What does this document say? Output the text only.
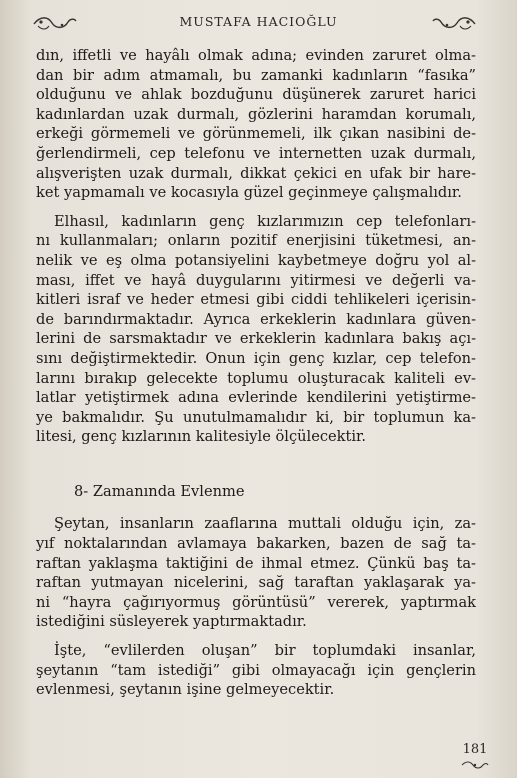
MUSTAFA HACIOĞLU
dın, iffetli ve hayâlı olmak adına; evinden zaruret olma-
dan bir adım atmamalı, bu zamanki kadınların “fasıka”
olduğunu ve ahlak bozduğunu düşünerek zaruret harici
kadınlardan uzak durmalı, gözlerini haramdan korumalı,
erkeği görmemeli ve görünmemeli, ilk çıkan nasibini de-
ğerlendirmeli, cep telefonu ve internetten uzak durmalı,
alışverişten uzak durmalı, dikkat çekici en ufak bir hare-
ket yapmamalı ve kocasıyla güzel geçinmeye çalışmalıdır.
Elhasıl, kadınların genç kızlarımızın cep telefonları-
nı kullanmaları; onların pozitif enerjisini tüketmesi, an-
nelik ve eş olma potansiyelini kaybetmeye doğru yol al-
ması, iffet ve hayâ duygularını yitirmesi ve değerli va-
kitleri israf ve heder etmesi gibi ciddi tehlikeleri içerisin-
de barındırmaktadır. Ayrıca erkeklerin kadınlara güven-
lerini de sarsmaktadır ve erkeklerin kadınlara bakış açı-
sını değiştirmektedir. Onun için genç kızlar, cep telefon-
larını bırakıp gelecekte toplumu oluşturacak kaliteli ev-
latlar yetiştirmek adına evlerinde kendilerini yetiştirme-
ye bakmalıdır. Şu unutulmamalıdır ki, bir toplumun ka-
litesi, genç kızlarının kalitesiyle ölçülecektir.
8- Zamanında Evlenme
Şeytan, insanların zaaflarına muttali olduğu için, za-
yıf noktalarından avlamaya bakarken, bazen de sağ ta-
raftan yaklaşma taktiğini de ihmal etmez. Çünkü baş ta-
raftan yutmayan nicelerini, sağ taraftan yaklaşarak ya-
ni “hayra çağırıyormuş görüntüsü” vererek, yaptırmak
istediğini süsleyerek yaptırmaktadır.
İşte, “evlilerden oluşan” bir toplumdaki insanlar,
şeytanın “tam istediği” gibi olmayacağı için gençlerin
evlenmesi, şeytanın işine gelmeyecektir.
181
